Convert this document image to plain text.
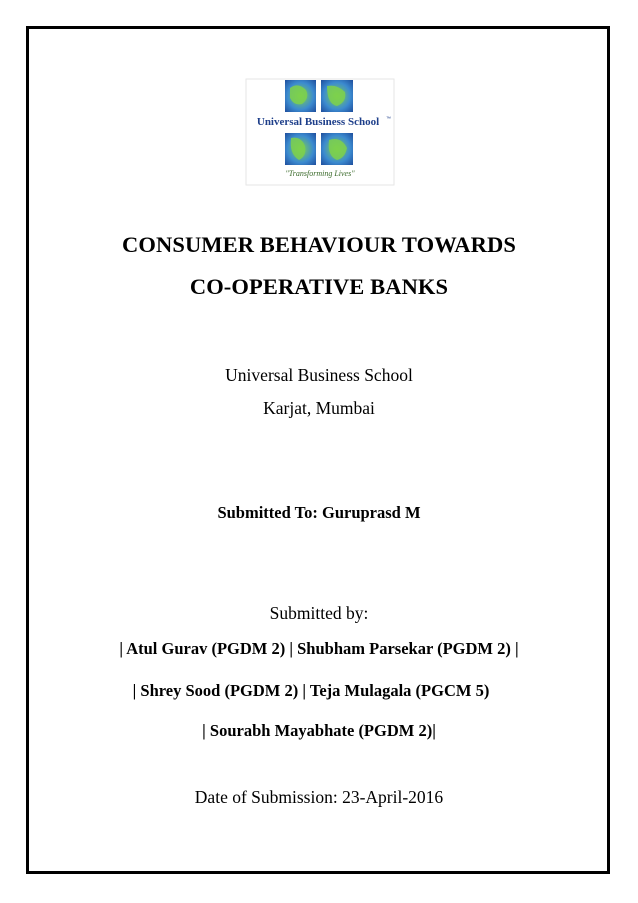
Universal Business School ™
"Transforming Lives"
CONSUMER BEHAVIOUR TOWARDS
CO-OPERATIVE BANKS
Universal Business School
Karjat, Mumbai
Submitted To: Guruprasd M
Submitted by:
| Atul Gurav (PGDM 2) | Shubham Parsekar (PGDM 2) |
| Shrey Sood (PGDM 2) | Teja Mulagala (PGCM 5)
| Sourabh Mayabhate (PGDM 2)|
Date of Submission: 23-April-2016
